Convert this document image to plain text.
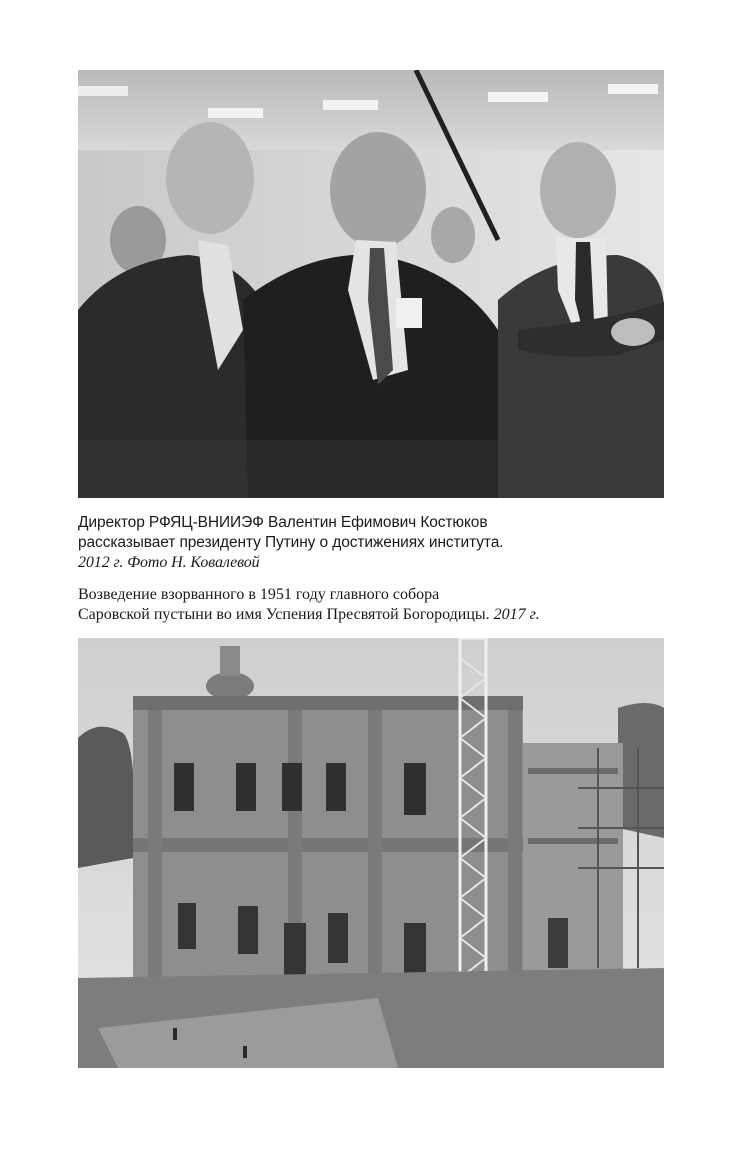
Директор РФЯЦ-ВНИИЭФ Валентин Ефимович Костюков
рассказывает президенту Путину о достижениях института.
2012 г. Фото Н. Ковалевой
Возведение взорванного в 1951 году главного собора
Саровской пустыни во имя Успения Пресвятой Богородицы. 2017 г.
